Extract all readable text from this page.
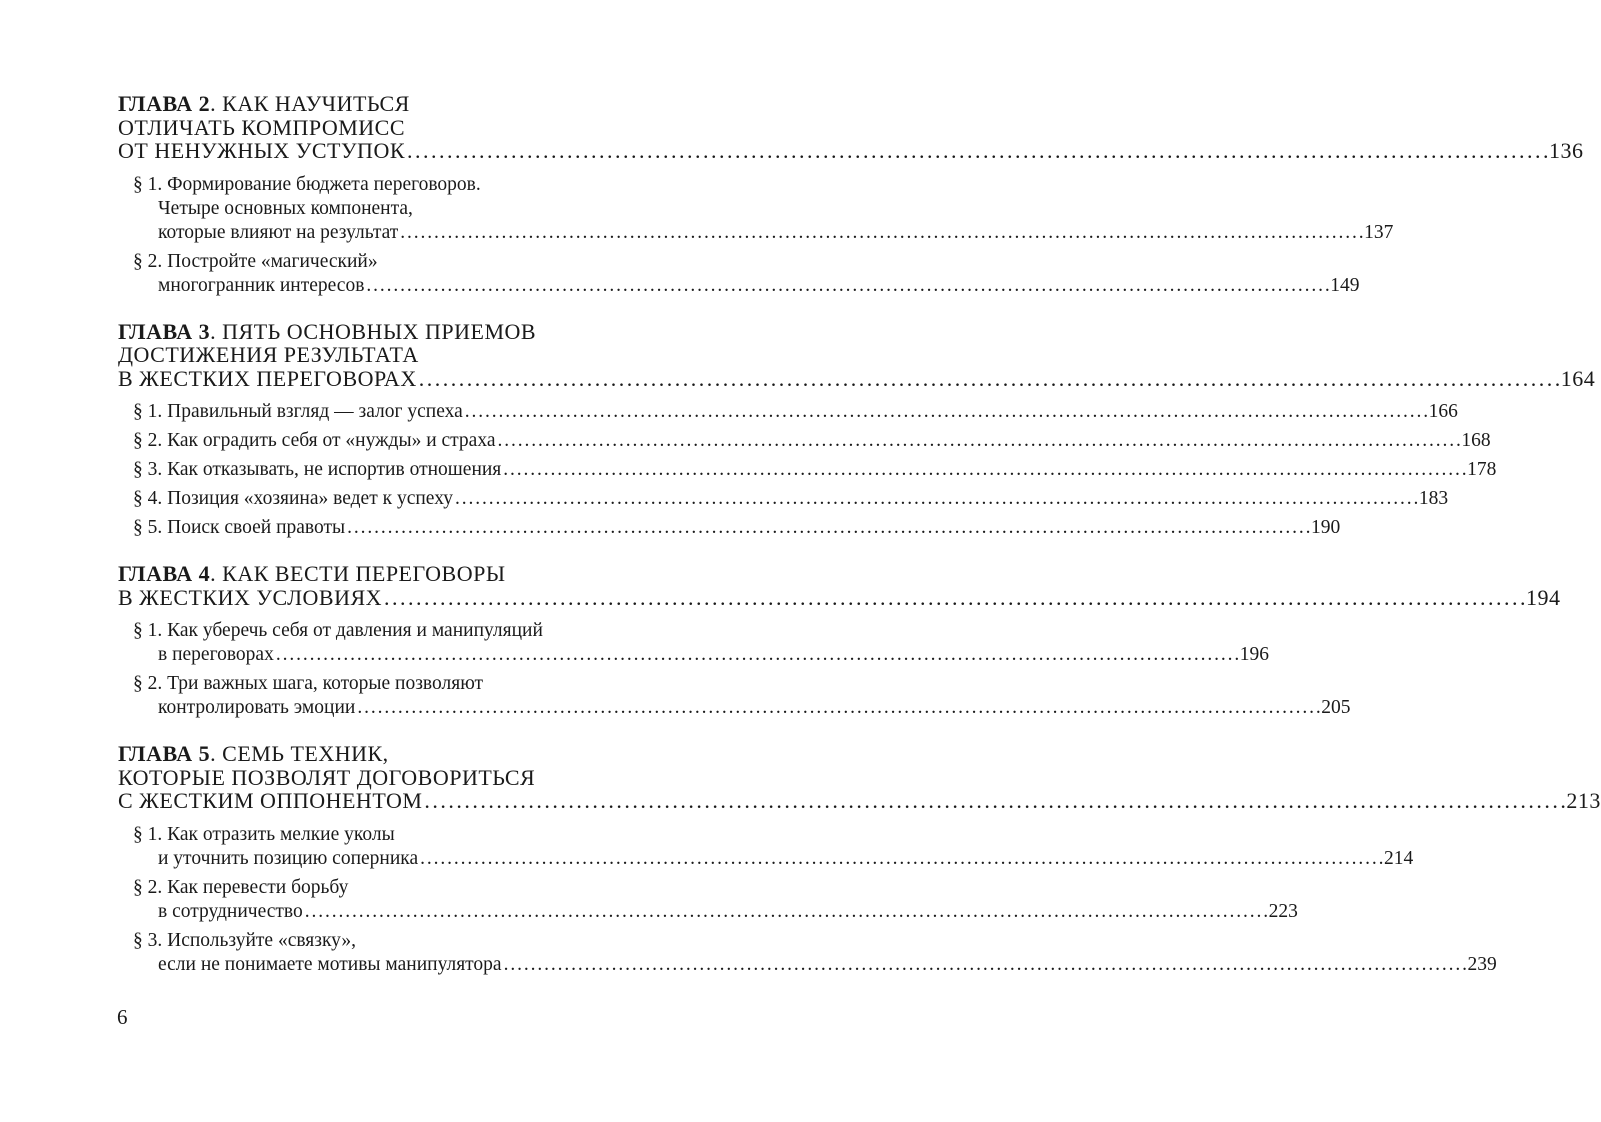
ГЛАВА 2. КАК НАУЧИТЬСЯ
ОТЛИЧАТЬ КОМПРОМИСС
ОТ НЕНУЖНЫХ УСТУПОК . . .	136
§ 1. Формирование бюджета переговоров.
Четыре основных компонента,
которые влияют на результат . . .	137
§ 2. Постройте «магический»
многогранник интересов . . .	149
ГЛАВА 3. ПЯТЬ ОСНОВНЫХ ПРИЕМОВ
ДОСТИЖЕНИЯ РЕЗУЛЬТАТА
В ЖЕСТКИХ ПЕРЕГОВОРАХ . . .	164
§ 1. Правильный взгляд — залог успеха . . .	166
§ 2. Как оградить себя от «нужды» и страха . . .	168
§ 3. Как отказывать, не испортив отношения . . .	178
§ 4. Позиция «хозяина» ведет к успеху . . .	183
§ 5. Поиск своей правоты . . .	190
ГЛАВА 4. КАК ВЕСТИ ПЕРЕГОВОРЫ
В ЖЕСТКИХ УСЛОВИЯХ . . .	194
§ 1. Как уберечь себя от давления и манипуляций
в переговорах . . .	196
§ 2. Три важных шага, которые позволяют
контролировать эмоции . . .	205
ГЛАВА 5. СЕМЬ ТЕХНИК,
КОТОРЫЕ ПОЗВОЛЯТ ДОГОВОРИТЬСЯ
С ЖЕСТКИМ ОППОНЕНТОМ . . .	213
§ 1. Как отразить мелкие уколы
и уточнить позицию соперника . . .	214
§ 2. Как перевести борьбу
в сотрудничество . . .	223
§ 3. Используйте «связку»,
если не понимаете мотивы манипулятора . . .	239
6
